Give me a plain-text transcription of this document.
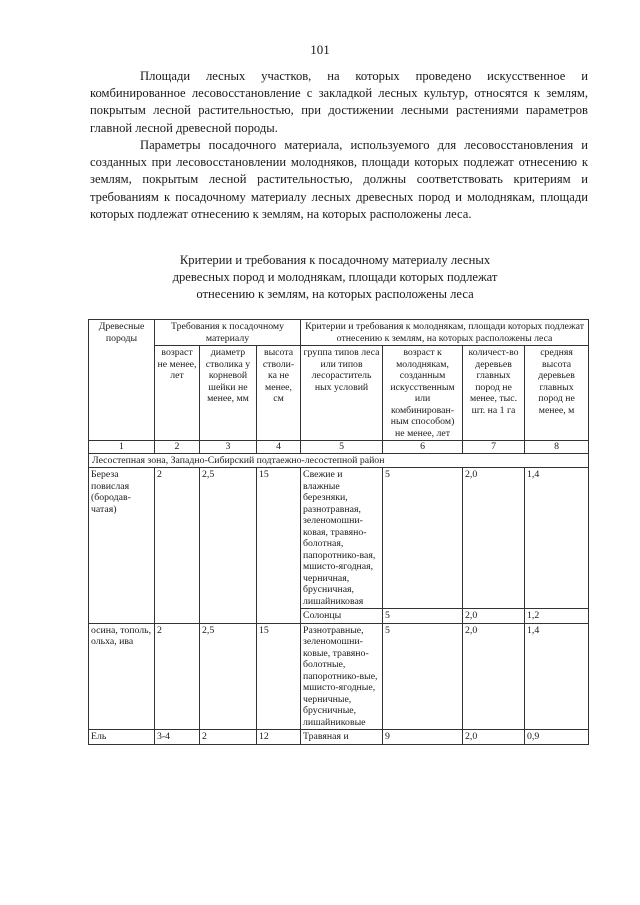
101

Площади лесных участков, на которых проведено искусственное и комбинированное лесовосстановление с закладкой лесных культур, относятся к землям, покрытым лесной растительностью, при достижении лесными растениями параметров главной лесной древесной породы.

Параметры посадочного материала, используемого для лесовосстановления и созданных при лесовосстановлении молодняков, площади которых подлежат отнесению к землям, покрытым лесной растительностью, должны соответствовать критериям и требованиям к посадочному материалу лесных древесных пород и молоднякам, площади которых подлежат отнесению к землям, на которых расположены леса.

Критерии и требования к посадочному материалу лесных древесных пород и молоднякам, площади которых подлежат отнесению к землям, на которых расположены леса
Древесные породы	Требования к посадочному материалу			Критерии и требования к молоднякам, площади которых подлежат отнесению к землям, на которых расположены леса			
	возраст не менее, лет	диаметр стволика у корневой шейки не менее, мм	высота стволи-ка не менее, см	группа типов леса или типов лесораститель ных условий	возраст к молоднякам, созданным искусственным или комбинирован-ным способом) не менее, лет	количест-во деревьев главных пород не менее, тыс. шт. на 1 га	средняя высота деревьев главных пород не менее, м
1	2	3	4	5	6	7	8
Лесостепная зона, Западно-Сибирский подтаежно-лесостепной район							
Береза повислая (бородав-чатая)	2	2,5	15	Свежие и влажные березняки, разнотравная, зеленомошни-ковая, травяно-болотная, папоротнико-вая, мшисто-ягодная, черничная, брусничная, лишайниковая	5	2,0	1,4
				Солонцы	5	2,0	1,2
осина, тополь, ольха, ива	2	2,5	15	Разнотравные, зеленомошни-ковые, травяно-болотные, папоротнико-вые, мшисто-ягодные, черничные, брусничные, лишайниковые	5	2,0	1,4
Ель	3-4	2	12	Травяная и	9	2,0	0,9
